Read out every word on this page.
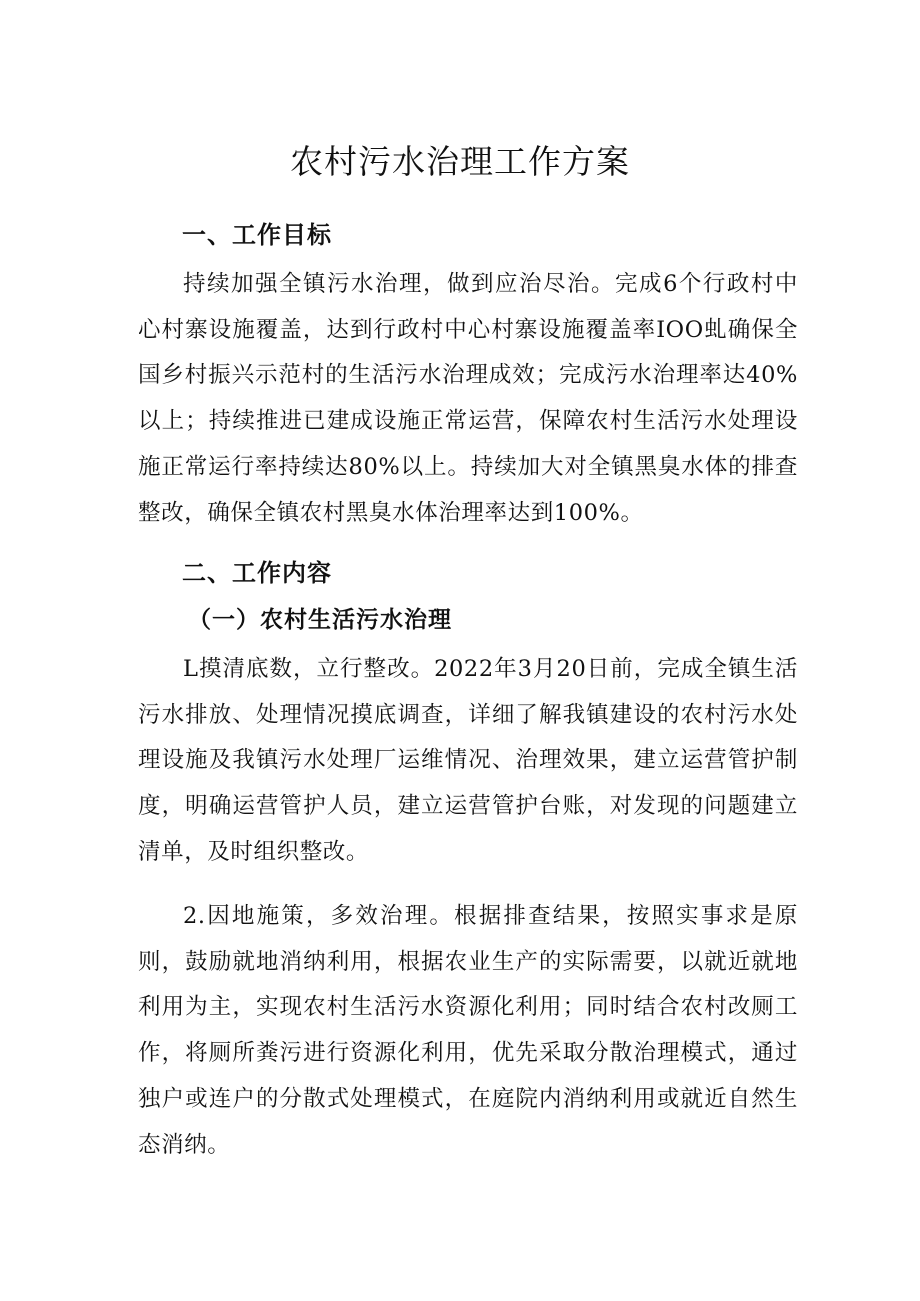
农村污水治理工作方案
一、工作目标

持续加强全镇污水治理，做到应治尽治。完成6个行政村中心村寨设施覆盖，达到行政村中心村寨设施覆盖率IOO虬确保全国乡村振兴示范村的生活污水治理成效；完成污水治理率达40%以上；持续推进已建成设施正常运营，保障农村生活污水处理设施正常运行率持续达80%以上。持续加大对全镇黑臭水体的排查整改，确保全镇农村黑臭水体治理率达到100%。

二、工作内容
（一）农村生活污水治理

L摸清底数，立行整改。2022年3月20日前，完成全镇生活污水排放、处理情况摸底调查，详细了解我镇建设的农村污水处理设施及我镇污水处理厂运维情况、治理效果，建立运营管护制度，明确运营管护人员，建立运营管护台账，对发现的问题建立清单，及时组织整改。

2.因地施策，多效治理。根据排查结果，按照实事求是原则，鼓励就地消纳利用，根据农业生产的实际需要，以就近就地利用为主，实现农村生活污水资源化利用；同时结合农村改厕工作，将厕所粪污进行资源化利用，优先采取分散治理模式，通过独户或连户的分散式处理模式，在庭院内消纳利用或就近自然生态消纳。
